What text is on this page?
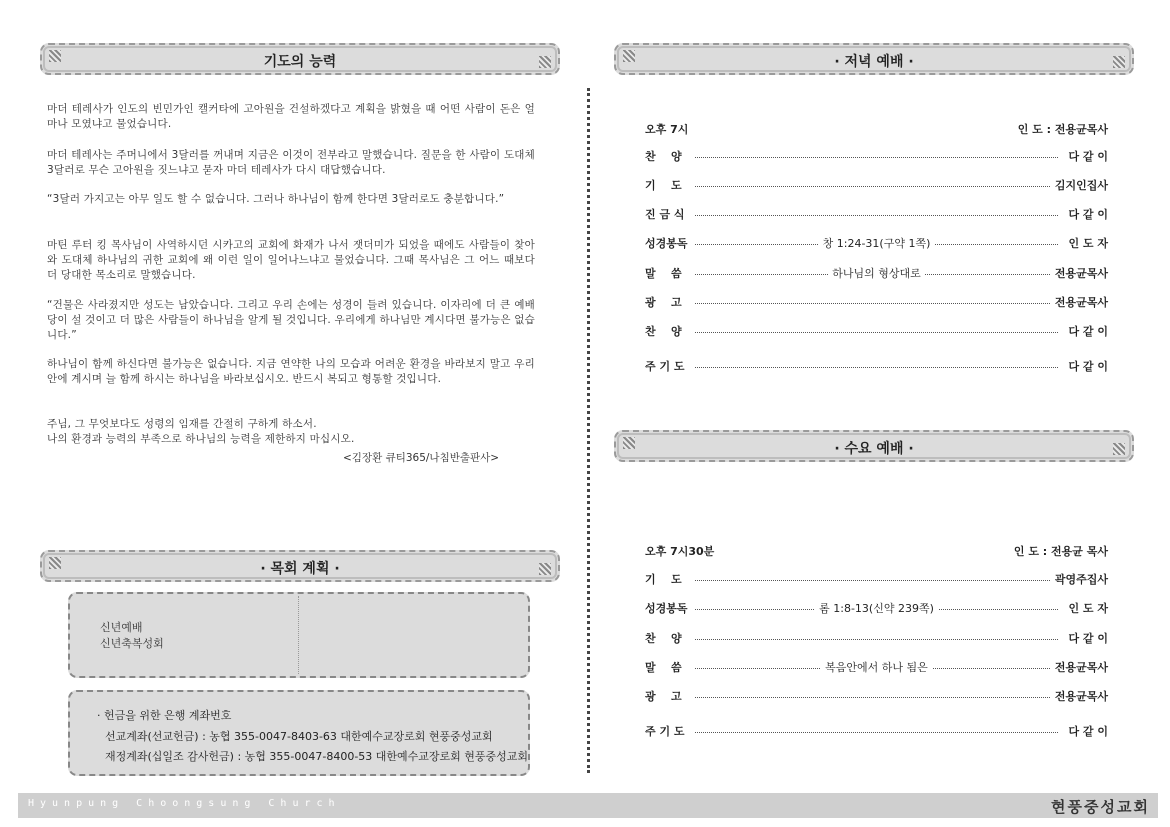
기도의 능력
마더 테레사가 인도의 빈민가인 캘커타에 고아원을 건설하겠다고 계획을 밝혔을 때 어떤 사람이 돈은 얼마나 모였냐고 물었습니다.
마더 테레사는 주머니에서 3달러를 꺼내며 지금은 이것이 전부라고 말했습니다. 질문을 한 사람이 도대체 3달러로 무슨 고아원을 짓느냐고 묻자 마더 테레사가 다시 대답했습니다.
“3달러 가지고는 아무 일도 할 수 없습니다. 그러나 하나님이 함께 한다면 3달러로도 충분합니다.”
마틴 루터 킹 목사님이 사역하시던 시카고의 교회에 화재가 나서 잿더미가 되었을 때에도 사람들이 찾아와 도대체 하나님의 귀한 교회에 왜 이런 일이 일어나느냐고 물었습니다. 그때 목사님은 그 어느 때보다 더 당대한 목소리로 말했습니다.
“건물은 사라졌지만 성도는 남았습니다. 그리고 우리 손에는 성경이 들려 있습니다. 이자리에 더 큰 예배당이 설 것이고 더 많은 사람들이 하나님을 알게 될 것입니다. 우리에게 하나님만 계시다면 불가능은 없습니다.”
하나님이 함께 하신다면 불가능은 없습니다. 지금 연약한 나의 모습과 어려운 환경을 바라보지 말고 우리 안에 계시며 늘 함께 하시는 하나님을 바라보십시오. 반드시 복되고 형통할 것입니다.
주님, 그 무엇보다도 성령의 임재를 간절히 구하게 하소서.
나의 환경과 능력의 부족으로 하나님의 능력을 제한하지 마십시오.
<김장환 큐티365/나침반출판사>
· 목회 계획 ·
신년예배
신년축복성회
· 헌금을 위한 은행 계좌번호
선교계좌(선교헌금) : 농협 355-0047-8403-63 대한예수교장로회 현풍중성교회
재정계좌(십일조 감사헌금) : 농협 355-0047-8400-53 대한예수교장로회 현풍중성교회
· 저녁 예배 ·
오후 7시	인 도 : 전용균목사
찬    양	다 같 이
기    도	김지인집사
진 금 식	다 같 이
성경봉독	창 1:24-31(구약 1쪽)	인 도 자
말    씀	하나님의 형상대로	전용균목사
광    고	전용균목사
찬    양	다 같 이
주 기 도	다 같 이
· 수요 예배 ·
오후 7시30분	인 도 : 전용균 목사
기    도	곽영주집사
성경봉독	롬 1:8-13(신약 239쪽)	인 도 자
찬    양	다 같 이
말    씀	복음안에서 하나 됨은	전용균목사
광    고	전용균목사
주 기 도	다 같 이
Hyunpung Choongsung Church	현풍중성교회
